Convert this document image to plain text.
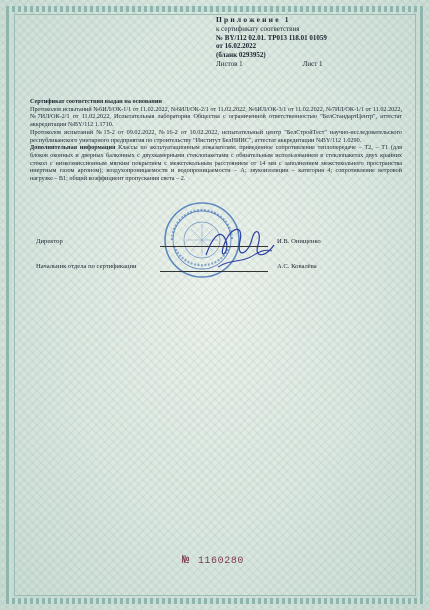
Приложение 1
к сертификату соответствия
№ BY/112 02.01. ТР013 118.01 01059
от 16.02.2022
(бланк 0293952)
Листов 1	Лист 1

Сертификат соответствия выдан на основании

Протоколов испытаний №6ИЛ/ОК-1/1 от 11.02.2022, №6ИЛ/ОК-2/1 от 11.02.2022, №6ИЛ/ОК-3/1 от 11.02.2022, №7ИЛ/ОК-1/1 от 11.02.2022, №7ИЛ/ОК-2/1 от 11.02.2022, Испытательная лаборатория Общества с ограниченной ответственностью "БелСтандартЦентр", аттестат аккредитации №BY/112 1.1710.

Протоколов испытаний №15-2 от 09.02.2022, №16-2 от 10.02.2022, испытательный центр "БелСтройТест" научно-исследовательского республиканского унитарного предприятия по строительству "Институт БелНИИС", аттестат аккредитации №BY/112 1.0290.

Дополнительная информация Классы по эксплуатационным показателям: приведенное сопротивление теплопередаче – Т2, – Т1 (для блоков оконных и дверных балконных с двухкамерными стеклопакетами с обязательным использованием в стеклопакетах двух крайних стекол с низкоэмиссионным мягким покрытием с межстекольным расстоянием от 14 мм с заполнением межстекольного пространства инертным газом аргоном); воздухопроницаемости и водопроницаемости – А; звукоизоляции – категория 4; сопротивление ветровой нагрузке – В1; общий коэффициент пропускания света – 2.

Директор	И.В. Онищенко
Начальник отдела по сертификации	А.С. Ковалёва
№ 1160280
